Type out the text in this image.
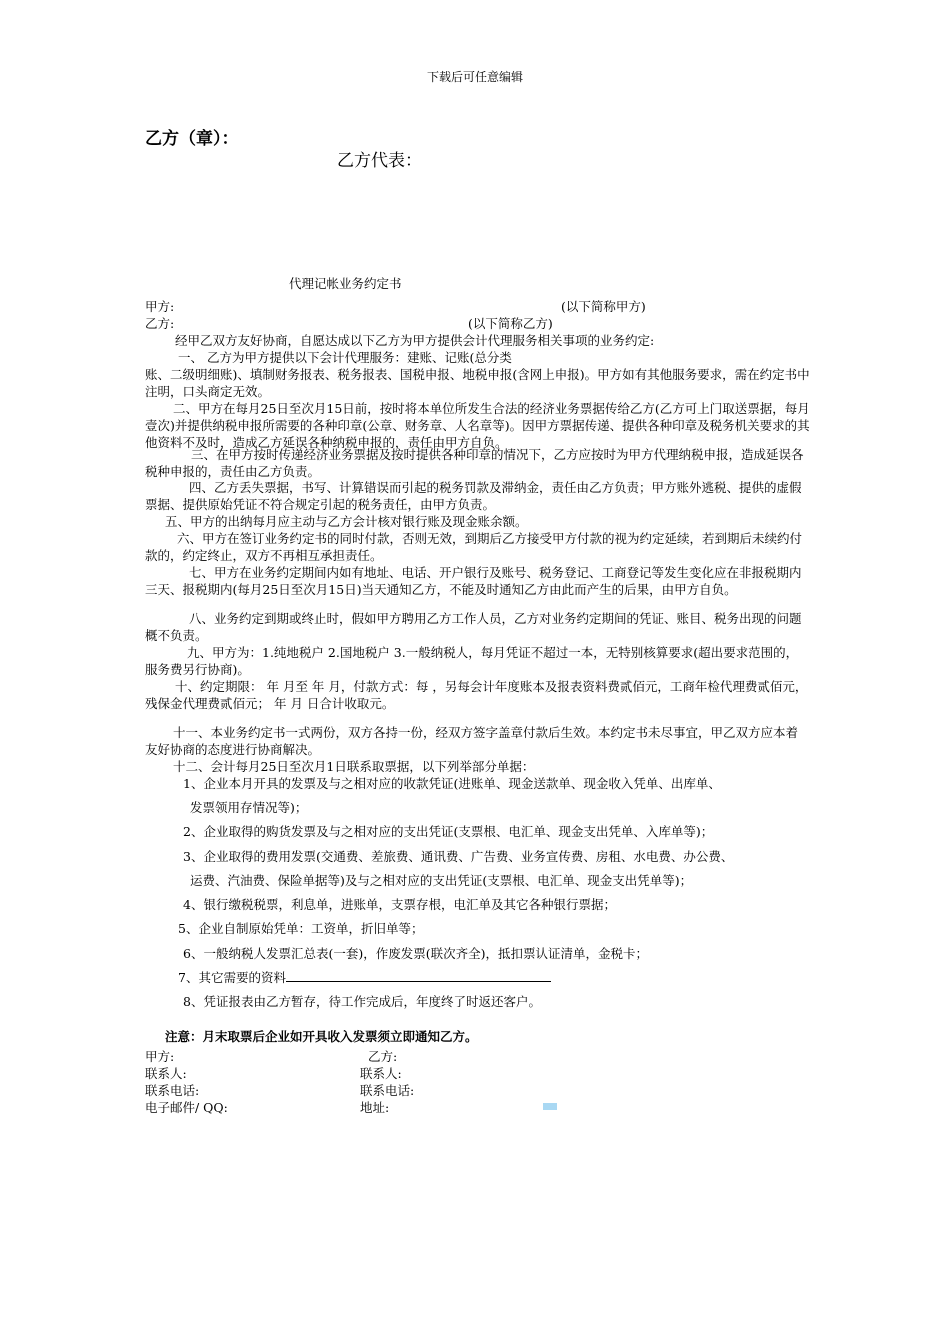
下载后可任意编辑
乙方（章）：
乙方代表：
代理记帐业务约定书
甲方:	(以下简称甲方)
乙方:	(以下简称乙方)
经甲乙双方友好协商，自愿达成以下乙方为甲方提供会计代理服务相关事项的业务约定:
一、 乙方为甲方提供以下会计代理服务：建账、记账(总分类
账、二级明细账)、填制财务报表、税务报表、国税申报、地税申报(含网上申报)。甲方如有其他服务要求，需在约定书中注明，口头商定无效。
二、甲方在每月25日至次月15日前，按时将本单位所发生合法的经济业务票据传给乙方(乙方可上门取送票据，每月壹次)并提供纳税申报所需要的各种印章(公章、财务章、人名章等)。因甲方票据传递、提供各种印章及税务机关要求的其他资料不及时，造成乙方延误各种纳税申报的，责任由甲方自负。
三、在甲方按时传递经济业务票据及按时提供各种印章的情况下，乙方应按时为甲方代理纳税申报，造成延误各税种申报的，责任由乙方负责。
四、乙方丢失票据，书写、计算错误而引起的税务罚款及滞纳金，责任由乙方负责；甲方账外逃税、提供的虚假票据、提供原始凭证不符合规定引起的税务责任，由甲方负责。
五、甲方的出纳每月应主动与乙方会计核对银行账及现金账余额。
六、甲方在签订业务约定书的同时付款，否则无效，到期后乙方接受甲方付款的视为约定延续，若到期后未续约付款的，约定终止，双方不再相互承担责任。
七、甲方在业务约定期间内如有地址、电话、开户银行及账号、税务登记、工商登记等发生变化应在非报税期内三天、报税期内(每月25日至次月15日)当天通知乙方，不能及时通知乙方由此而产生的后果，由甲方自负。
八、业务约定到期或终止时，假如甲方聘用乙方工作人员，乙方对业务约定期间的凭证、账目、税务出现的问题概不负责。
九、甲方为：1.纯地税户 2.国地税户 3.一般纳税人，每月凭证不超过一本，无特别核算要求(超出要求范围的，服务费另行协商)。
十、约定期限： 年 月至 年 月，付款方式：每 ，另每会计年度账本及报表资料费贰佰元，工商年检代理费贰佰元，残保金代理费贰佰元； 年 月 日合计收取元。
十一、本业务约定书一式两份，双方各持一份，经双方签字盖章付款后生效。本约定书未尽事宜，甲乙双方应本着友好协商的态度进行协商解决。
十二、会计每月25日至次月1日联系取票据，以下列举部分单据：
1、企业本月开具的发票及与之相对应的收款凭证(进账单、现金送款单、现金收入凭单、出库单、
发票领用存情况等)；
2、企业取得的购货发票及与之相对应的支出凭证(支票根、电汇单、现金支出凭单、入库单等)；
3、企业取得的费用发票(交通费、差旅费、通讯费、广告费、业务宣传费、房租、水电费、办公费、
运费、汽油费、保险单据等)及与之相对应的支出凭证(支票根、电汇单、现金支出凭单等)；
4、银行缴税税票，利息单，进账单，支票存根，电汇单及其它各种银行票据；
5、企业自制原始凭单：工资单，折旧单等；
6、一般纳税人发票汇总表(一套)，作废发票(联次齐全)，抵扣票认证清单，金税卡；
7、其它需要的资料
8、凭证报表由乙方暂存，待工作完成后，年度终了时返还客户。
注意：月末取票后企业如开具收入发票须立即通知乙方。
甲方:
联系人:
联系电话:
电子邮件/ QQ:
乙方:
联系人:
联系电话:
地址:
